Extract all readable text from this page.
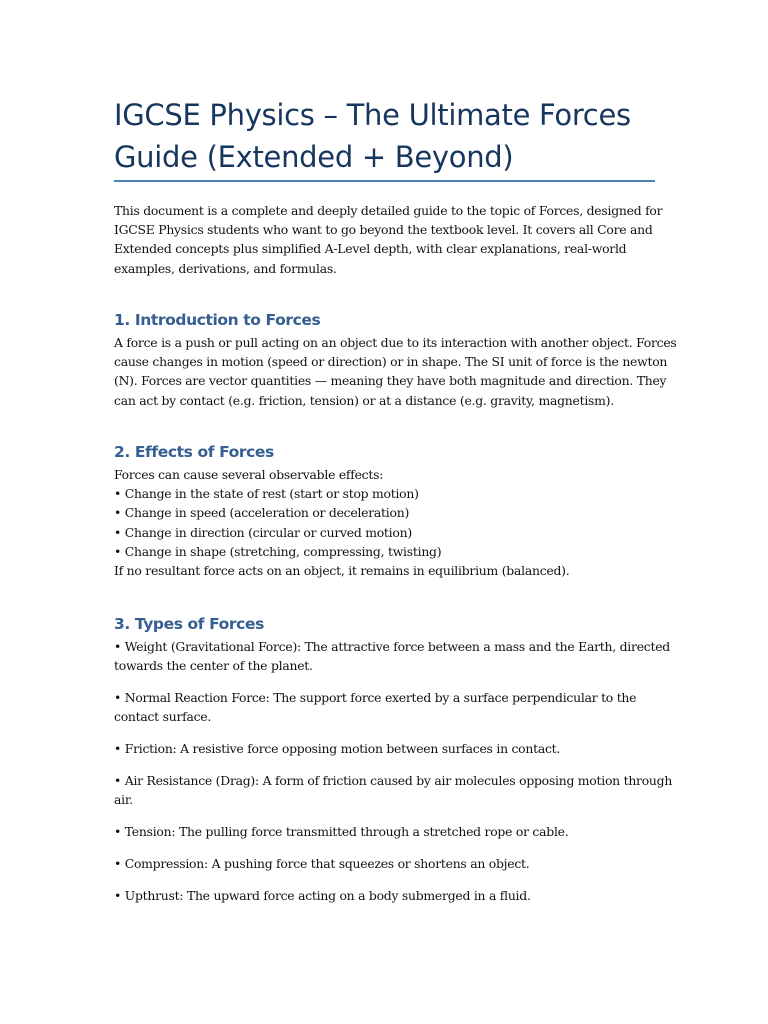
IGCSE Physics – The Ultimate Forces
Guide (Extended + Beyond)
This document is a complete and deeply detailed guide to the topic of Forces, designed for
IGCSE Physics students who want to go beyond the textbook level. It covers all Core and
Extended concepts plus simplified A-Level depth, with clear explanations, real-world
examples, derivations, and formulas.
1. Introduction to Forces
A force is a push or pull acting on an object due to its interaction with another object. Forces
cause changes in motion (speed or direction) or in shape. The SI unit of force is the newton
(N). Forces are vector quantities — meaning they have both magnitude and direction. They
can act by contact (e.g. friction, tension) or at a distance (e.g. gravity, magnetism).
2. Effects of Forces
Forces can cause several observable effects:
• Change in the state of rest (start or stop motion)
• Change in speed (acceleration or deceleration)
• Change in direction (circular or curved motion)
• Change in shape (stretching, compressing, twisting)
If no resultant force acts on an object, it remains in equilibrium (balanced).
3. Types of Forces
• Weight (Gravitational Force): The attractive force between a mass and the Earth, directed
towards the center of the planet.
• Normal Reaction Force: The support force exerted by a surface perpendicular to the
contact surface.
• Friction: A resistive force opposing motion between surfaces in contact.
• Air Resistance (Drag): A form of friction caused by air molecules opposing motion through
air.
• Tension: The pulling force transmitted through a stretched rope or cable.
• Compression: A pushing force that squeezes or shortens an object.
• Upthrust: The upward force acting on a body submerged in a fluid.
